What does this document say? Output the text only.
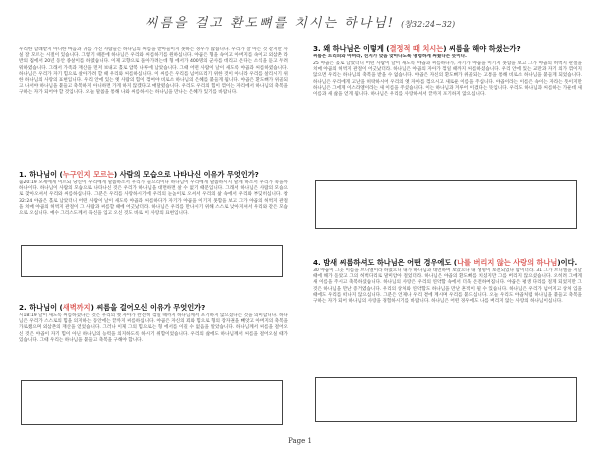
씨름을 걸고 환도뼈를 치시는 하나님! (창32:24~32)
우리한 할례받지 아니한 마음과 귀를 가진 사람들은 하나님의 씨름을 받아들이지 못하는 경우가 많습니다. 우리가 잘 아는 것 같지만 사실 잘 모르는 시절이 있습니다. 그렇기 때문에 하나님은 우리와 씨름하기를 원하십니다. 야곱은 형을 속이고 아버지를 속이고 외삼촌 라반의 집에서 20년 동안 종살이를 하였습니다. 이제 고향으로 돌아가려는데 형 에서가 400명의 군사를 데리고 온다는 소식을 듣고 두려워하였습니다. 그래서 가족과 재산을 먼저 보내고 홀로 얍복 나루에 남았습니다. 그때 어떤 사람이 날이 새도록 야곱과 씨름하였습니다. 하나님은 우리가 자기 힘으로 살아가려 할 때 우리와 씨름하십니다. 이 씨름은 우리를 넘어뜨리기 위한 것이 아니라 우리를 살리시기 위한 하나님의 사랑의 표현입니다. 우리 안에 있는 옛 사람의 힘이 꺾여야 비로소 하나님의 은혜를 붙들게 됩니다. 야곱은 환도뼈가 위골되고 나서야 하나님을 붙들고 축복하지 아니하면 가게 하지 않겠다고 매달렸습니다. 우리도 우리의 힘이 꺾이는 자리에서 하나님의 축복을 구하는 자가 되어야 할 것입니다. 오늘 말씀을 통해 나와 씨름하시는 하나님을 만나는 은혜가 있기를 바랍니다.
1. 하나님이 (누구인지 모르는) 사람의 모습으로 나타나신 이유가 무엇인가?
출20:19 모세에게 이르되 당신이 우리에게 말씀하소서 우리가 들으리이다 하나님이 우리에게 말씀하시지 말게 하소서 우리가 죽을까 하나이다. 하나님이 사람의 모습으로 나타나신 것은 우리가 하나님을 대면하면 살 수 없기 때문입니다. 그래서 하나님은 사람의 모습으로 찾아오셔서 우리와 씨름하십니다. 그분은 우리를 사랑하시기에 우리의 눈높이로 오셔서 우리의 삶 속에서 우리와 부딪히십니다. 창32:24 야곱은 홀로 남았더니 어떤 사람이 날이 새도록 야곱과 씨름하다가 자기가 야곱을 이기지 못함을 보고 그가 야곱의 허벅지 관절을 치매 야곱의 허벅지 관절이 그 사람과 씨름할 때에 어긋났더라. 하나님은 우리를 만나시기 위해 스스로 낮아지셔서 우리와 같은 모습으로 오십니다. 예수 그리스도께서 육신을 입고 오신 것도 바로 이 사랑의 표현입니다.
2. 하나님이 (새벽까지) 씨름을 걸어오신 이유가 무엇인가?
시18:19 날이 새도록 씨름하셨다는 것은 우리의 옛 자아가 완전히 꺾일 때까지 하나님께서 포기하지 않으셨다는 것을 의미합니다. 하나님은 우리가 스스로의 힘을 의지하는 동안에는 끝까지 씨름하십니다. 야곱은 자신의 꾀와 힘으로 형의 장자권을 빼앗고 아버지의 축복을 가로챘으며 외삼촌의 재산을 얻었습니다. 그러나 이제 그의 힘으로는 형 에서를 이길 수 없음을 알았습니다. 하나님께서 씨름을 걸어오신 것은 야곱이 자기 힘이 아닌 하나님의 능력을 의지하도록 하시기 위함이었습니다. 우리의 삶에도 하나님께서 씨름을 걸어오실 때가 있습니다. 그때 우리는 하나님을 붙들고 축복을 구해야 합니다.
3. 왜 하나님은 이렇게 (결정적 때 치시는) 씨름을 해야 하셨는가?
씨름은 트리피와 아버라, 친지가 맞음 맞아나도록 명령하게 싸웠다는 뜻이다.
25 야곱은 홀로 남았더니 어떤 사람이 날이 새도록 야곱과 씨름하다가, 자기가 야곱을 이기지 못함을 보고 그가 야곱의 허벅지 관절을 치매 야곱의 허벅지 관절이 어긋났더라. 하나님은 야곱의 자아가 꺾일 때까지 씨름하셨습니다. 우리 안에 있는 교만과 자기 의가 꺾이지 않으면 우리는 하나님의 축복을 받을 수 없습니다. 야곱은 자신의 환도뼈가 위골되는 고통을 통해 비로소 하나님을 붙들게 되었습니다. 하나님은 우리에게 고난을 허락하시어 우리의 옛 자아를 꺾으시고 새로운 이름을 주십니다. 야곱이라는 이름은 속이는 자라는 뜻이지만 하나님은 그에게 이스라엘이라는 새 이름을 주셨습니다. 이는 하나님과 겨루어 이겼다는 뜻입니다. 우리도 하나님과 씨름하는 가운데 새 이름과 새 삶을 얻게 됩니다. 하나님은 우리를 사랑하셔서 끝까지 포기하지 않으십니다.
4. 밤새 씨름하셔도 하나님은 어떤 경우에도 (나를 버리지 않는 사랑의 하나님)이다.
30 야곱이 그곳 이름을 브니엘이라 하였으니 내가 하나님과 대면하여 보았으나 내 생명이 보전되었다 함이더라. 31 그가 브니엘을 지날 때에 해가 돋았고 그의 허벅다리로 말미암아 절었더라. 하나님은 야곱의 환도뼈를 치셨지만 그를 버리지 않으셨습니다. 오히려 그에게 새 이름을 주시고 축복하셨습니다. 하나님의 사랑은 우리의 연약함 속에서 더욱 온전하여집니다. 야곱은 평생 다리를 절게 되었지만 그것은 하나님을 만난 증거였습니다. 우리의 상처와 연약함도 하나님을 만난 흔적이 될 수 있습니다. 하나님은 우리가 넘어지고 상처 입을 때에도 우리를 떠나지 않으십니다. 그분은 언제나 우리 곁에 계시며 우리를 붙드십니다. 오늘 우리도 야곱처럼 하나님을 붙들고 축복을 구하는 자가 되어 하나님의 사랑을 경험하시기를 바랍니다. 하나님은 어떤 경우에도 나를 버리지 않는 사랑의 하나님이십니다.
Page 1
